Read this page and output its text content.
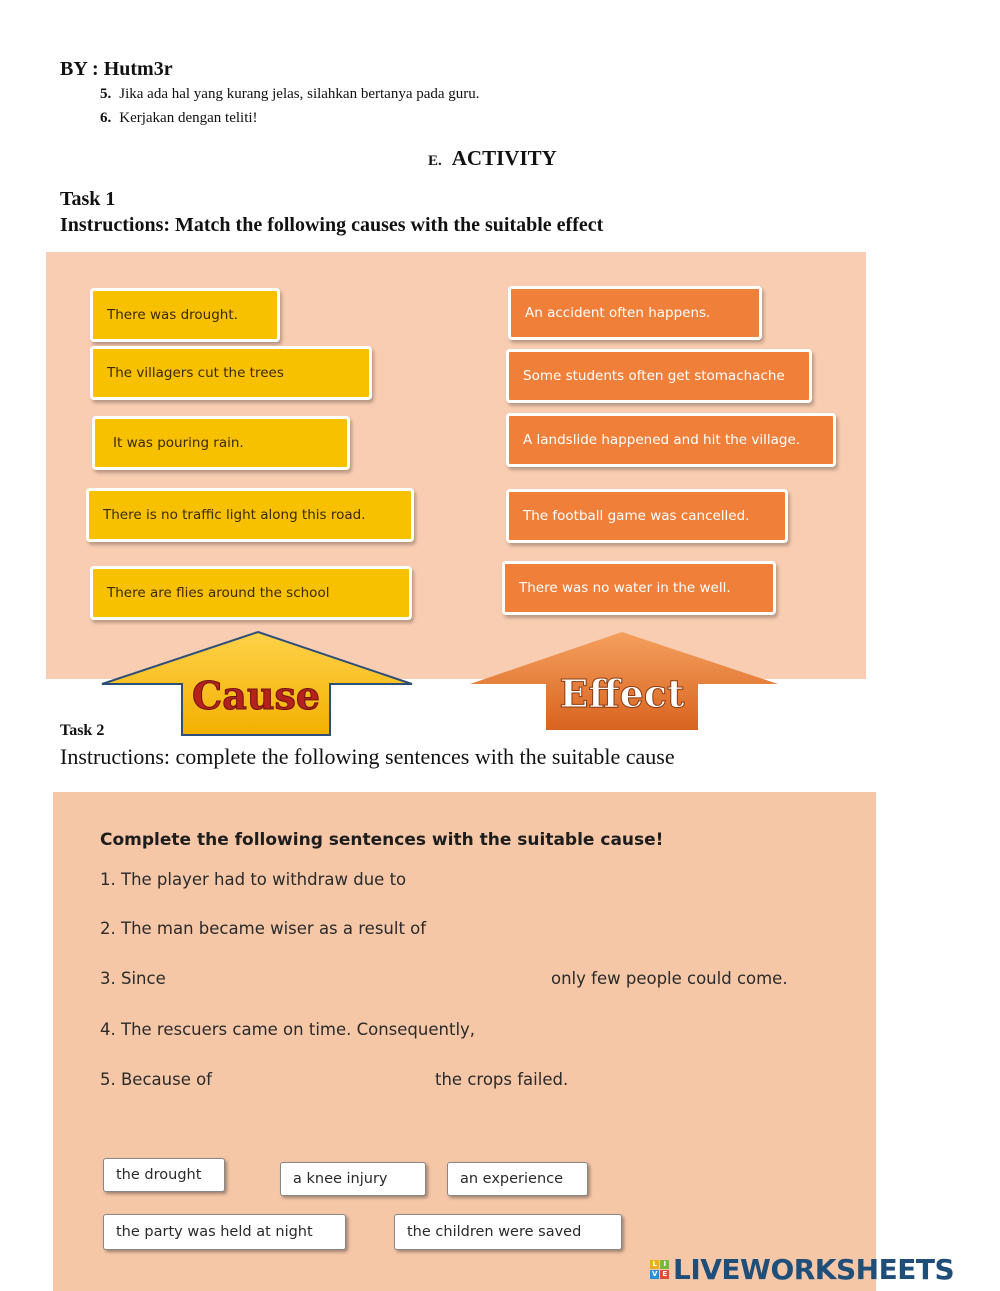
BY : Hutm3r
5. Jika ada hal yang kurang jelas, silahkan bertanya pada guru.
6. Kerjakan dengan teliti!
E. ACTIVITY
Task 1
Instructions: Match the following causes with the suitable effect
There was drought.
The villagers cut the trees
It was pouring rain.
There is no traffic light along this road.
There are flies around the school
An accident often happens.
Some students often get stomachache
A landslide happened and hit the village.
The football game was cancelled.
There was no water in the well.
Cause	Effect
Task 2
Instructions: complete the following sentences with the suitable cause
Complete the following sentences with the suitable cause!
1. The player had to withdraw due to
2. The man became wiser as a result of
3. Since	only few people could come.
4. The rescuers came on time. Consequently,
5. Because of	the crops failed.
the drought	a knee injury	an experience
the party was held at night	the children were saved
L I
V E LIVEWORKSHEETS
